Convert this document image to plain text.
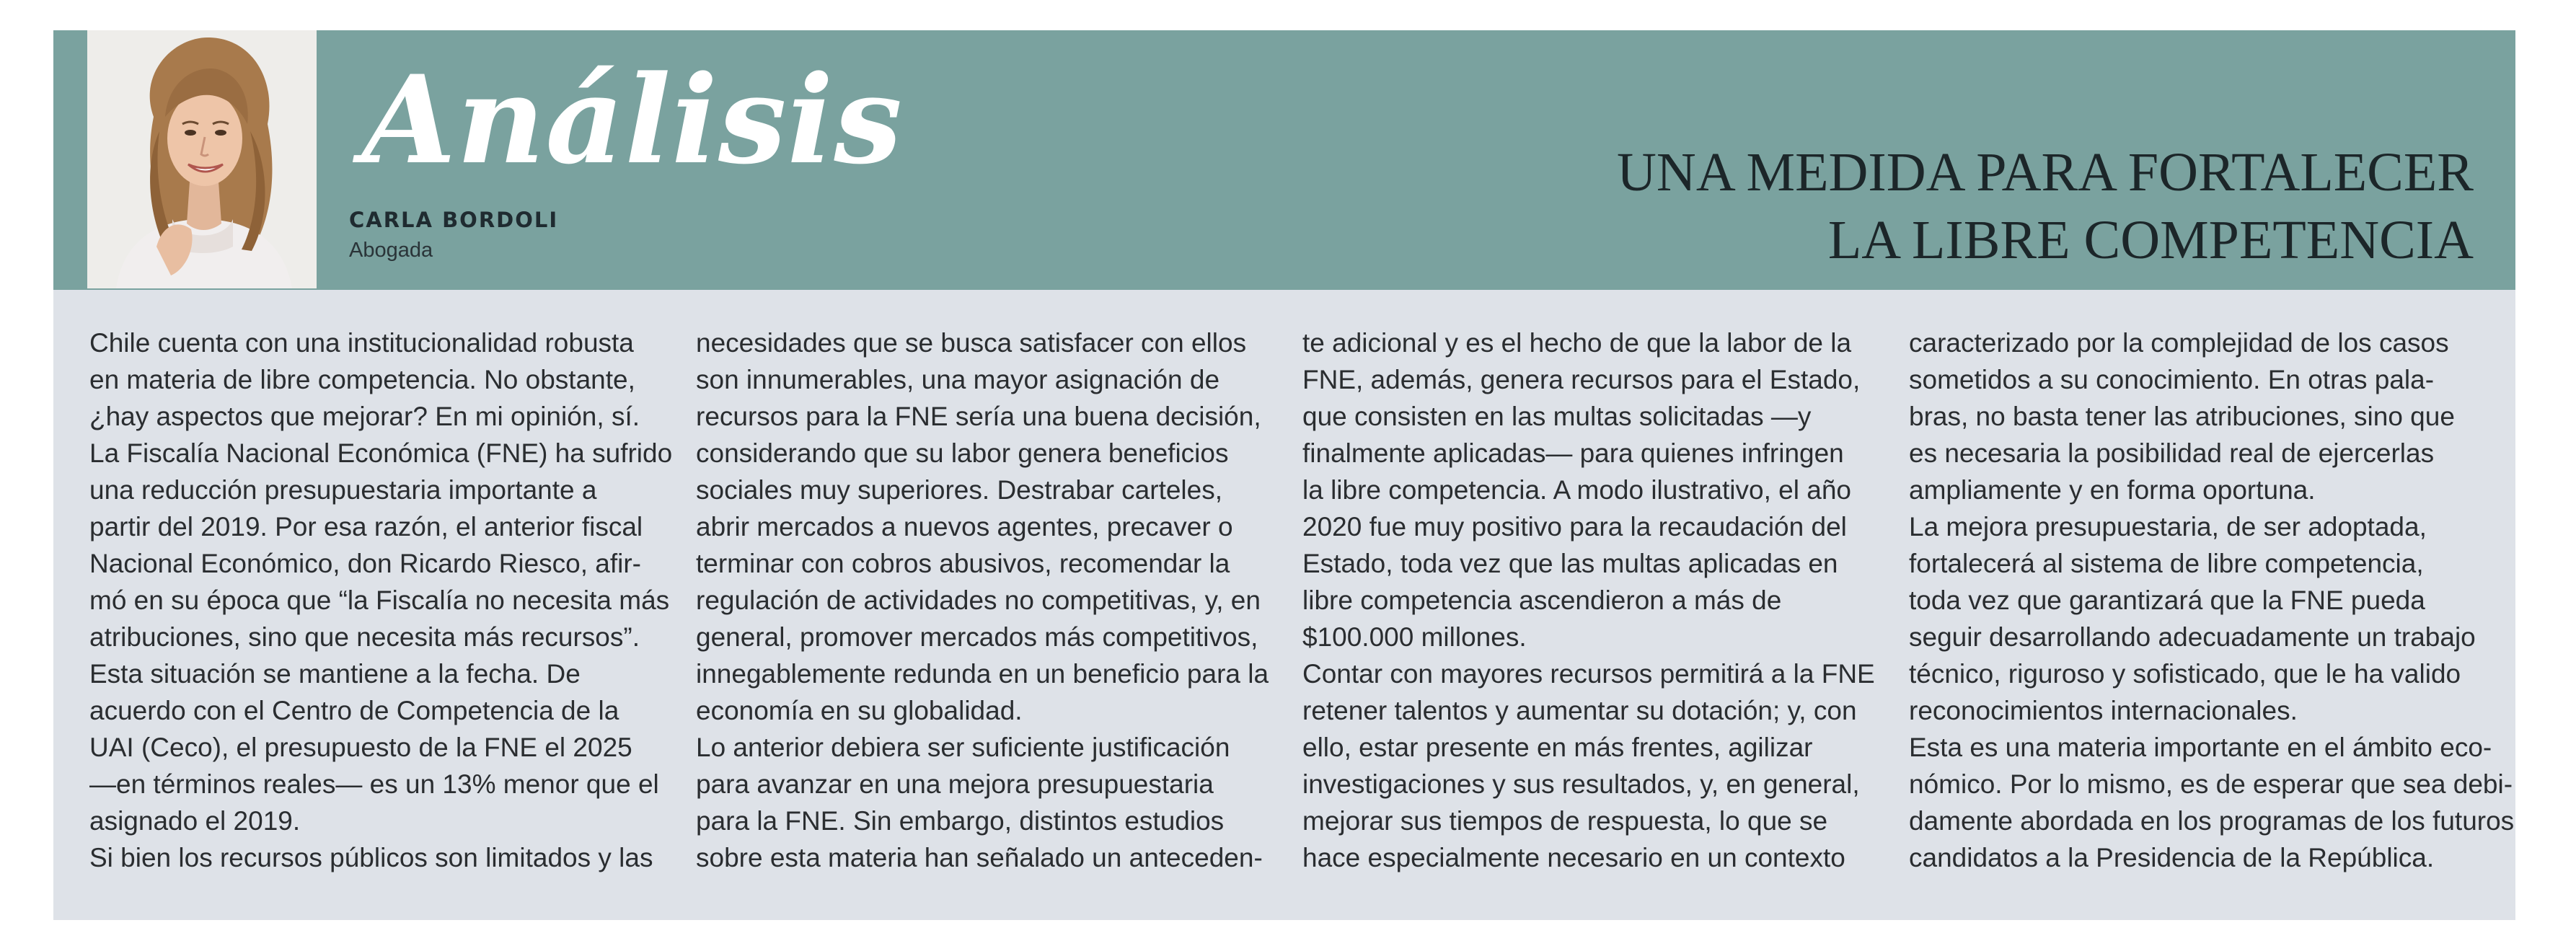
Análisis
CARLA BORDOLI
Abogada
UNA MEDIDA PARA FORTALECER
LA LIBRE COMPETENCIA
Chile cuenta con una institucionalidad robusta
en materia de libre competencia. No obstante,
¿hay aspectos que mejorar? En mi opinión, sí.
La Fiscalía Nacional Económica (FNE) ha sufrido
una reducción presupuestaria importante a
partir del 2019. Por esa razón, el anterior fiscal
Nacional Económico, don Ricardo Riesco, afir-
mó en su época que “la Fiscalía no necesita más
atribuciones, sino que necesita más recursos”.
Esta situación se mantiene a la fecha. De
acuerdo con el Centro de Competencia de la
UAI (Ceco), el presupuesto de la FNE el 2025
—en términos reales— es un 13% menor que el
asignado el 2019.
Si bien los recursos públicos son limitados y las
necesidades que se busca satisfacer con ellos
son innumerables, una mayor asignación de
recursos para la FNE sería una buena decisión,
considerando que su labor genera beneficios
sociales muy superiores. Destrabar carteles,
abrir mercados a nuevos agentes, precaver o
terminar con cobros abusivos, recomendar la
regulación de actividades no competitivas, y, en
general, promover mercados más competitivos,
innegablemente redunda en un beneficio para la
economía en su globalidad.
Lo anterior debiera ser suficiente justificación
para avanzar en una mejora presupuestaria
para la FNE. Sin embargo, distintos estudios
sobre esta materia han señalado un anteceden-
te adicional y es el hecho de que la labor de la
FNE, además, genera recursos para el Estado,
que consisten en las multas solicitadas —y
finalmente aplicadas— para quienes infringen
la libre competencia. A modo ilustrativo, el año
2020 fue muy positivo para la recaudación del
Estado, toda vez que las multas aplicadas en
libre competencia ascendieron a más de
$100.000 millones.
Contar con mayores recursos permitirá a la FNE
retener talentos y aumentar su dotación; y, con
ello, estar presente en más frentes, agilizar
investigaciones y sus resultados, y, en general,
mejorar sus tiempos de respuesta, lo que se
hace especialmente necesario en un contexto
caracterizado por la complejidad de los casos
sometidos a su conocimiento. En otras pala-
bras, no basta tener las atribuciones, sino que
es necesaria la posibilidad real de ejercerlas
ampliamente y en forma oportuna.
La mejora presupuestaria, de ser adoptada,
fortalecerá al sistema de libre competencia,
toda vez que garantizará que la FNE pueda
seguir desarrollando adecuadamente un trabajo
técnico, riguroso y sofisticado, que le ha valido
reconocimientos internacionales.
Esta es una materia importante en el ámbito eco-
nómico. Por lo mismo, es de esperar que sea debi-
damente abordada en los programas de los futuros
candidatos a la Presidencia de la República.
